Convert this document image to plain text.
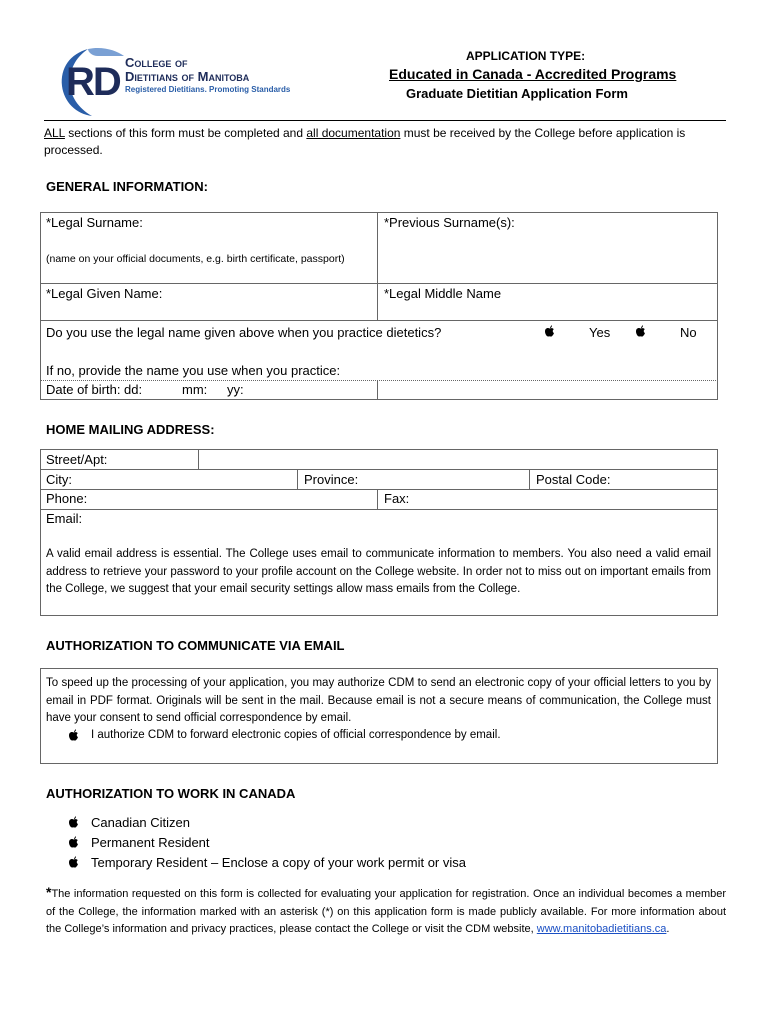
RD College of
Dietitians of Manitoba
Registered Dietitians. Promoting Standards
APPLICATION TYPE:
Educated in Canada - Accredited Programs
Graduate Dietitian Application Form
ALL sections of this form must be completed and all documentation must be received by the College before application is processed.
GENERAL INFORMATION:
*Legal Surname:
(name on your official documents, e.g. birth certificate, passport)
*Previous Surname(s):
*Legal Given Name:	*Legal Middle Name
Do you use the legal name given above when you practice dietetics?	Yes	No
If no, provide the name you use when you practice:
Date of birth: dd:	mm: yy:
HOME MAILING ADDRESS:
Street/Apt:
City:	Province:	Postal Code:
Phone:	Fax:
Email:
A valid email address is essential. The College uses email to communicate information to members. You also need a valid email address to retrieve your password to your profile account on the College website. In order not to miss out on important emails from the College, we suggest that your email security settings allow mass emails from the College.
AUTHORIZATION TO COMMUNICATE VIA EMAIL
To speed up the processing of your application, you may authorize CDM to send an electronic copy of your official letters to you by email in PDF format. Originals will be sent in the mail. Because email is not a secure means of communication, the College must have your consent to send official correspondence by email.
I authorize CDM to forward electronic copies of official correspondence by email.
AUTHORIZATION TO WORK IN CANADA
Canadian Citizen
Permanent Resident
Temporary Resident – Enclose a copy of your work permit or visa
*The information requested on this form is collected for evaluating your application for registration. Once an individual becomes a member of the College, the information marked with an asterisk (*) on this application form is made publicly available. For more information about the College’s information and privacy practices, please contact the College or visit the CDM website, www.manitobadietitians.ca.
